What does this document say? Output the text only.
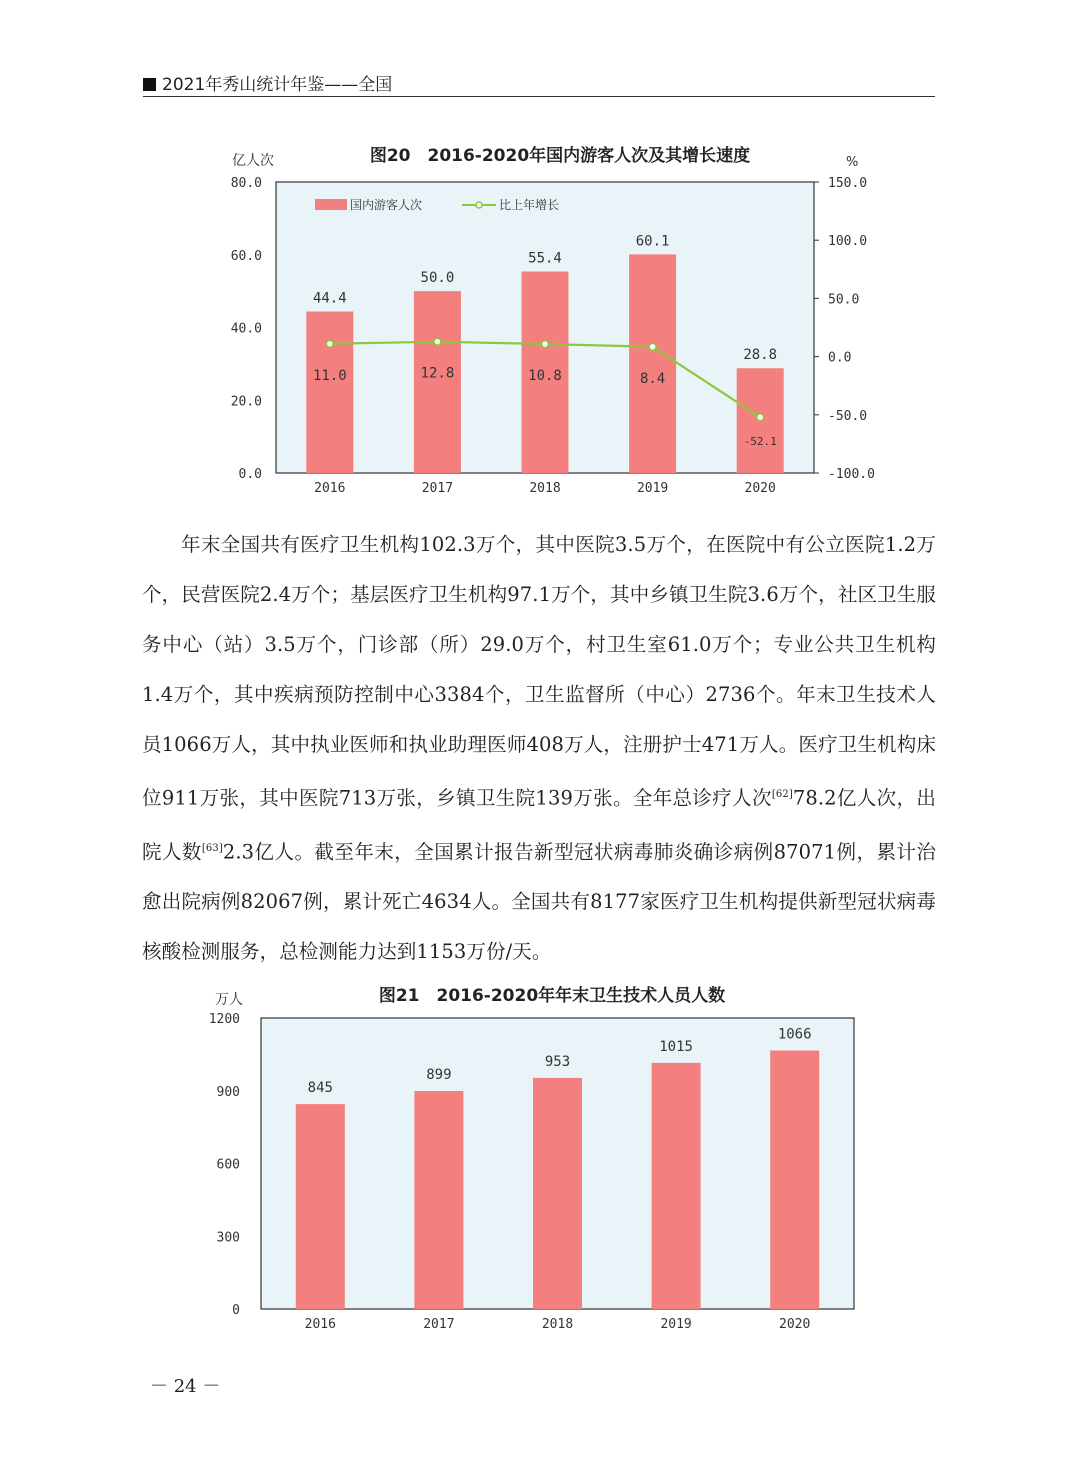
2021年秀山统计年鉴——全国
图20　2016-2020年国内游客人次及其增长速度
亿人次	%
国内游客人次	比上年增长
80.0
60.0
40.0
20.0
0.0
150.0
100.0
50.0
0.0
-50.0
-100.0
44.4
50.0
55.4
60.1
28.8
11.0	12.8	10.8	8.4
-52.1
2016	2017	2018	2019	2020

年末全国共有医疗卫生机构102.3万个，其中医院3.5万个，在医院中有公立医院1.2万个，民营医院2.4万个；基层医疗卫生机构97.1万个，其中乡镇卫生院3.6万个，社区卫生服务中心（站）3.5万个，门诊部（所）29.0万个，村卫生室61.0万个；专业公共卫生机构1.4万个，其中疾病预防控制中心3384个，卫生监督所（中心）2736个。年末卫生技术人员1066万人，其中执业医师和执业助理医师408万人，注册护士471万人。医疗卫生机构床位911万张，其中医院713万张，乡镇卫生院139万张。全年总诊疗人次[62]78.2亿人次，出院人数[63]2.3亿人。截至年末，全国累计报告新型冠状病毒肺炎确诊病例87071例，累计治愈出院病例82067例，累计死亡4634人。全国共有8177家医疗卫生机构提供新型冠状病毒核酸检测服务，总检测能力达到1153万份/天。

图21　2016-2020年年末卫生技术人员人数
万人
1200
900
600
300
0
845
899
953
1015
1066
2016	2017	2018	2019	2020
－ 24 －
